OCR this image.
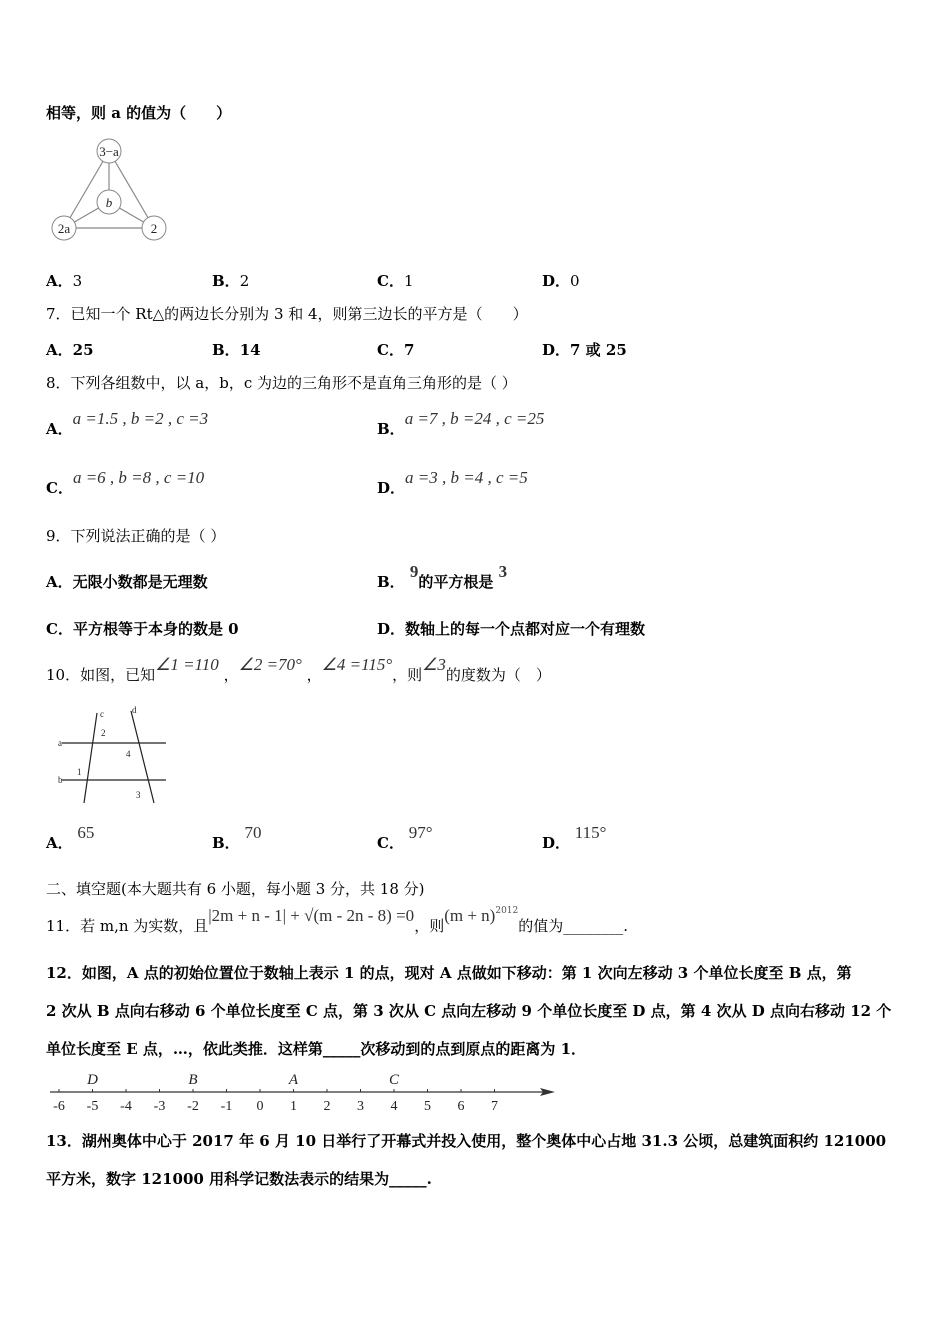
相等，则 a 的值为（　　）
3−a
b
2a	2
A．3	B．2	C．1	D．0
7．已知一个 Rt△的两边长分别为 3 和 4，则第三边长的平方是（　　）
A．25	B．14	C．7	D．7 或 25
8．下列各组数中，以 a，b，c 为边的三角形不是直角三角形的是（ ）
A．a =1.5 , b =2 , c =3
B．a =7 , b =24 , c =25
C．a =6 , b =8 , c =10
D．a =3 , b =4 , c =5
9．下列说法正确的是（ ）
A．无限小数都是无理数	B． 9的平方根是 3
C．平方根等于本身的数是 0	D．数轴上的每一个点都对应一个有理数
10．如图，已知∠1 =110 ，∠2 =70° ，∠4 =115°，则∠3的度数为（　）
c	d
2
a
4
1
b
3
A． 65
B． 70
C． 97°
D． 115°
二、填空题(本大题共有 6 小题，每小题 3 分，共 18 分)
11．若 m,n 为实数，且|2m + n - 1| + √(m - 2n - 8) =0，则$(m + n)^{2012}$的值为________.
12．如图，A 点的初始位置位于数轴上表示 1 的点，现对 A 点做如下移动：第 1 次向左移动 3 个单位长度至 B 点，第
2 次从 B 点向右移动 6 个单位长度至 C 点，第 3 次从 C 点向左移动 9 个单位长度至 D 点，第 4 次从 D 点向右移动 12 个
单位长度至 E 点，…，依此类推．这样第_____次移动到的点到原点的距离为 1．
-6 -5 -4 -3 -2 -1 0 1 2 3 4 5 6 7
D	B	A	C
13．湖州奥体中心于 2017 年 6 月 10 日举行了开幕式并投入使用，整个奥体中心占地 31.3 公顷，总建筑面积约 121000
平方米，数字 121000 用科学记数法表示的结果为_____.
